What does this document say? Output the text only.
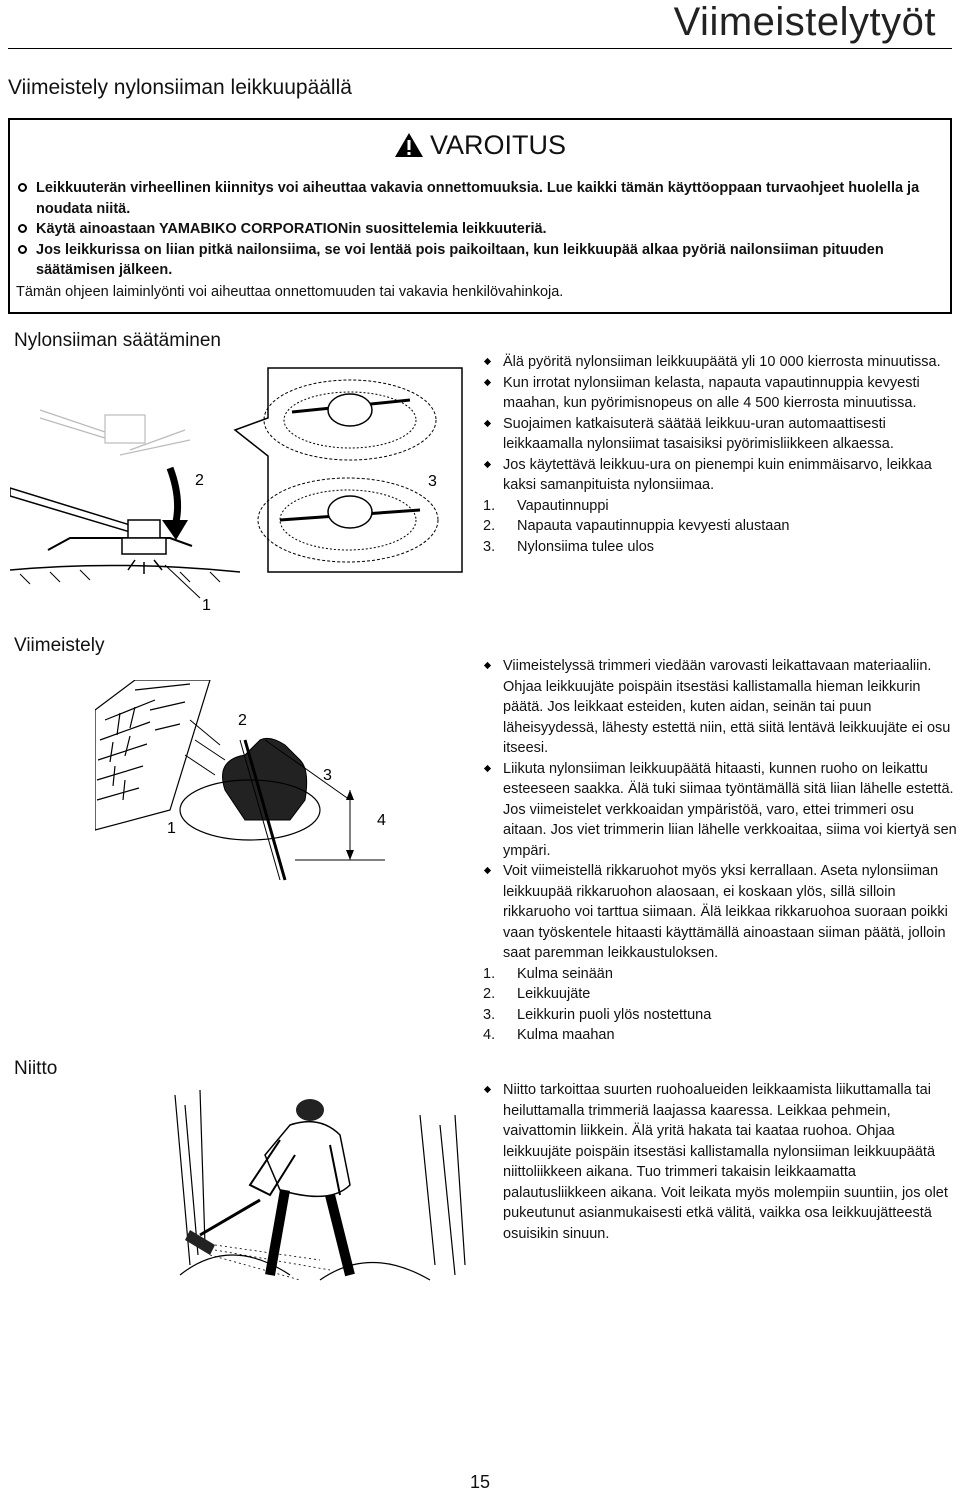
Viimeistelytyöt
Viimeistely nylonsiiman leikkuupäällä
VAROITUS
Leikkuuterän virheellinen kiinnitys voi aiheuttaa vakavia onnettomuuksia. Lue kaikki tämän käyttöoppaan turvaohjeet huolella ja noudata niitä.
Käytä ainoastaan YAMABIKO CORPORATIONin suosittelemia leikkuuteriä.
Jos leikkurissa on liian pitkä nailonsiima, se voi lentää pois paikoiltaan, kun leikkuupää alkaa pyöriä nailonsiiman pituuden säätämisen jälkeen.
Tämän ohjeen laiminlyönti voi aiheuttaa onnettomuuden tai vakavia henkilövahinkoja.
Nylonsiiman säätäminen
2	3
1
Älä pyöritä nylonsiiman leikkuupäätä yli 10 000 kierrosta minuutissa.
Kun irrotat nylonsiiman kelasta, napauta vapautinnuppia kevyesti maahan, kun pyörimisnopeus on alle 4 500 kierrosta minuutissa.
Suojaimen katkaisuterä säätää leikkuu-uran automaattisesti leikkaamalla nylonsiimat tasaisiksi pyörimisliikkeen alkaessa.
Jos käytettävä leikkuu-ura on pienempi kuin enimmäisarvo, leikkaa kaksi samanpituista nylonsiimaa.
1. Vapautinnuppi
2. Napauta vapautinnuppia kevyesti alustaan
3. Nylonsiima tulee ulos
Viimeistely
2
3
1	4
Viimeistelyssä trimmeri viedään varovasti leikattavaan materiaaliin. Ohjaa leikkuujäte poispäin itsestäsi kallistamalla hieman leikkurin päätä. Jos leikkaat esteiden, kuten aidan, seinän tai puun läheisyydessä, lähesty estettä niin, että siitä lentävä leikkuujäte ei osu itseesi.
Liikuta nylonsiiman leikkuupäätä hitaasti, kunnen ruoho on leikattu esteeseen saakka. Älä tuki siimaa työntämällä sitä liian lähelle estettä. Jos viimeistelet verkkoaidan ympäristöä, varo, ettei trimmeri osu aitaan. Jos viet trimmerin liian lähelle verkkoaitaa, siima voi kiertyä sen ympäri.
Voit viimeistellä rikkaruohot myös yksi kerrallaan. Aseta nylonsiiman leikkuupää rikkaruohon alaosaan, ei koskaan ylös, sillä silloin rikkaruoho voi tarttua siimaan. Älä leikkaa rikkaruohoa suoraan poikki vaan työskentele hitaasti käyttämällä ainoastaan siiman päätä, jolloin saat paremman leikkaustuloksen.
1. Kulma seinään
2. Leikkuujäte
3. Leikkurin puoli ylös nostettuna
4. Kulma maahan
Niitto
Niitto tarkoittaa suurten ruohoalueiden leikkaamista liikuttamalla tai heiluttamalla trimmeriä laajassa kaaressa. Leikkaa pehmein, vaivattomin liikkein. Älä yritä hakata tai kaataa ruohoa. Ohjaa leikkuujäte poispäin itsestäsi kallistamalla nylonsiiman leikkuupäätä niittoliikkeen aikana. Tuo trimmeri takaisin leikkaamatta palautusliikkeen aikana. Voit leikata myös molempiin suuntiin, jos olet pukeutunut asianmukaisesti etkä välitä, vaikka osa leikkuujätteestä osuisikin sinuun.
15
